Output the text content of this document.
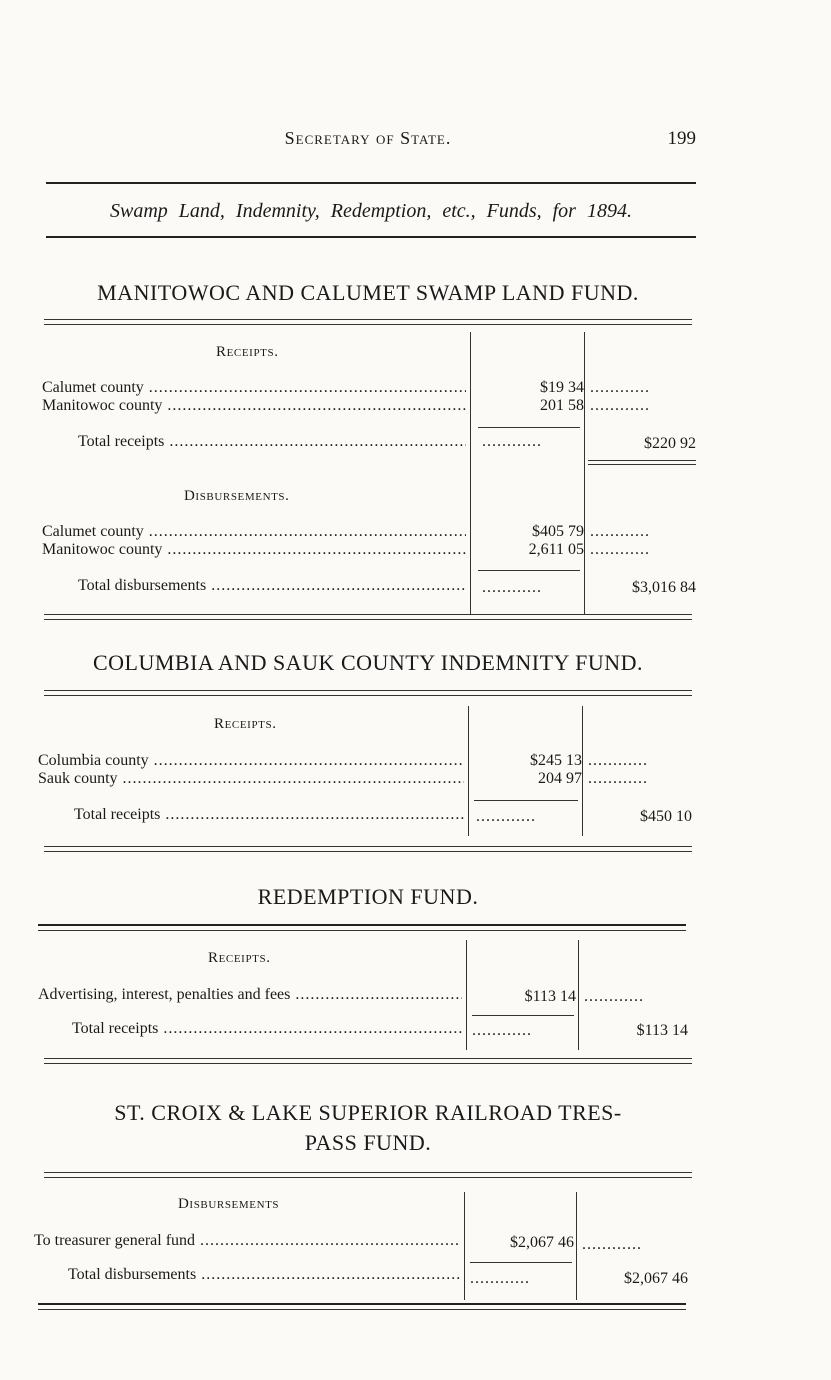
Secretary of State.	199
Swamp Land, Indemnity, Redemption, etc., Funds, for 1894.
MANITOWOC AND CALUMET SWAMP LAND FUND.
Receipts.
Calumet county .....	$19 34 ............
Manitowoc county .....	201 58 ............
Total receipts .....	............	$220 92
Disbursements.
Calumet county .....	$405 79 ............
Manitowoc county .....	2,611 05 ............
Total disbursements .....	............	$3,016 84
COLUMBIA AND SAUK COUNTY INDEMNITY FUND.
Receipts.
Columbia county .....	$245 13 ............
Sauk county .....	204 97 ............
Total receipts .....	............	$450 10
REDEMPTION FUND.
Receipts.
Advertising, interest, penalties and fees .....	$113 14 ............
Total receipts .....	............	$113 14
ST. CROIX & LAKE SUPERIOR RAILROAD TRES-
PASS FUND.
Disbursements
To treasurer general fund .....	$2,067 46 ............
Total disbursements .....	............	$2,067 46
